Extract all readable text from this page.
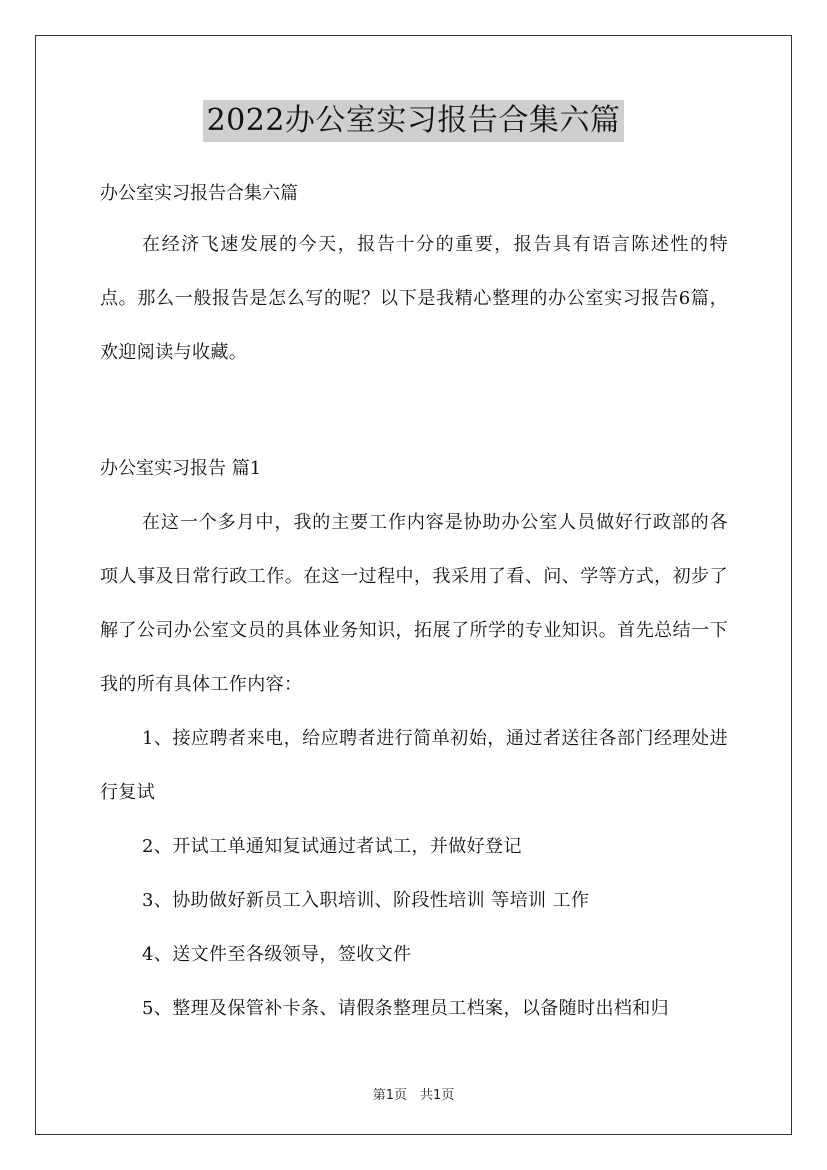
2022办公室实习报告合集六篇

办公室实习报告合集六篇

在经济飞速发展的今天，报告十分的重要，报告具有语言陈述性的特点。那么一般报告是怎么写的呢？以下是我精心整理的办公室实习报告6篇，欢迎阅读与收藏。

办公室实习报告 篇1

在这一个多月中，我的主要工作内容是协助办公室人员做好行政部的各项人事及日常行政工作。在这一过程中，我采用了看、问、学等方式，初步了解了公司办公室文员的具体业务知识，拓展了所学的专业知识。首先总结一下我的所有具体工作内容：

1、接应聘者来电，给应聘者进行简单初始，通过者送往各部门经理处进行复试

2、开试工单通知复试通过者试工，并做好登记

3、协助做好新员工入职培训、阶段性培训 等培训 工作

4、送文件至各级领导，签收文件

5、整理及保管补卡条、请假条整理员工档案，以备随时出档和归

第1页　共1页
